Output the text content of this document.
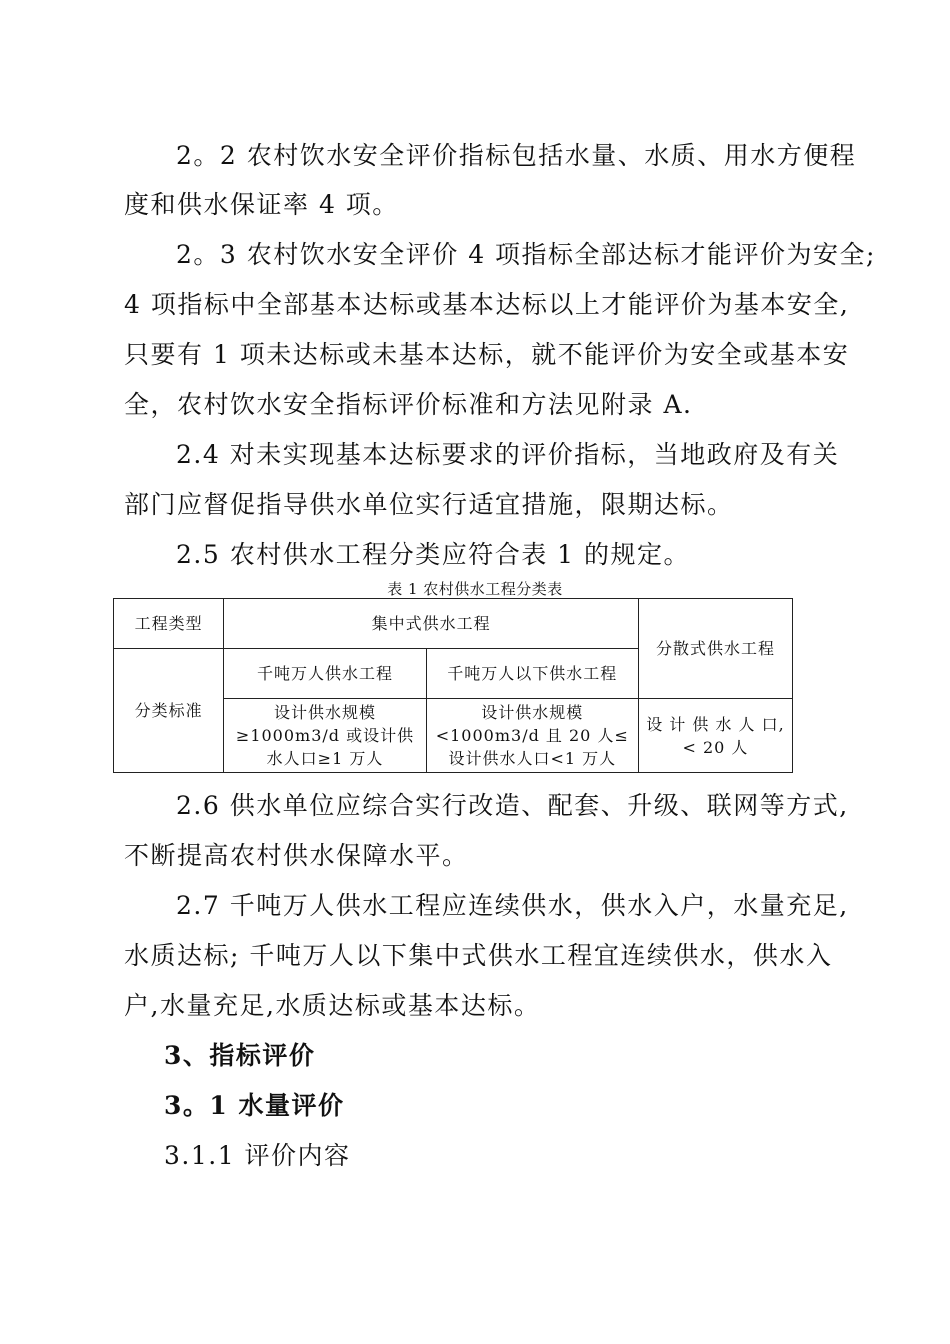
2。2 农村饮水安全评价指标包括水量、水质、用水方便程
度和供水保证率 4 项。
2。3 农村饮水安全评价 4 项指标全部达标才能评价为安全;
4 项指标中全部基本达标或基本达标以上才能评价为基本安全,
只要有 1 项未达标或未基本达标，就不能评价为安全或基本安
全，农村饮水安全指标评价标准和方法见附录 A.
2.4 对未实现基本达标要求的评价指标，当地政府及有关
部门应督促指导供水单位实行适宜措施，限期达标。
2.5 农村供水工程分类应符合表 1 的规定。
表 1 农村供水工程分类表
工程类型	集中式供水工程		分散式供水工程
分类标准	千吨万人供水工程	千吨万人以下供水工程	
	设计供水规模≥1000m3/d 或设计供水人口≥1 万人	设计供水规模<1000m3/d 且 20 人≤设计供水人口<1 万人	设 计 供 水 人 口, < 20 人
2.6 供水单位应综合实行改造、配套、升级、联网等方式,
不断提高农村供水保障水平。
2.7 千吨万人供水工程应连续供水，供水入户，水量充足,
水质达标; 千吨万人以下集中式供水工程宜连续供水，供水入
户,水量充足,水质达标或基本达标。
3、指标评价
3。1 水量评价
3.1.1 评价内容
